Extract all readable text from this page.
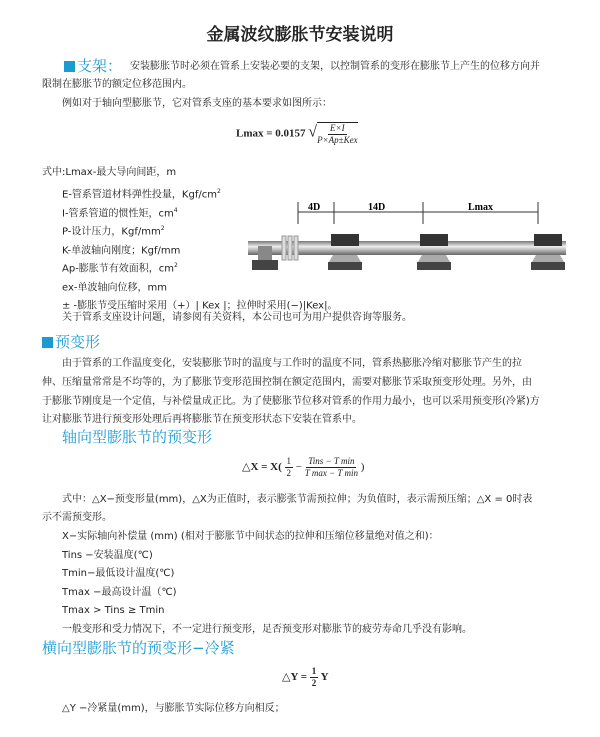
金属波纹膨胀节安装说明
支架： 安装膨胀节时必须在管系上安装必要的支架，以控制管系的变形在膨胀节上产生的位移方向并
限制在膨胀节的额定位移范围内。
例如对于轴向型膨胀节，它对管系支座的基本要求如图所示：
Lmax = 0.0157 √ $\frac{E\times I}{\text{P×Ap±Kex}}$
式中:Lmax-最大导向间距，m
E-管系管道材料弹性投量，Kgf/$cm^2$
I-管系管道的惯性矩，$cm^4$
P-设计压力，Kgf/$mm^2$
K-单波轴向刚度；Kgf/mm
Ap-膨胀节有效面积，$cm^2$
ex-单波轴向位移，mm
± -膨胀节受压缩时采用（+）| Kex |；拉伸时采用(−)|Kex|。
关于管系支座设计问题，请参阅有关资料，本公司也可为用户提供咨询等服务。
4D	14D	Lmax
预变形
由于管系的工作温度变化，安装膨胀节时的温度与工作时的温度不同，管系热膨胀冷缩对膨胀节产生的拉
伸、压缩量常常是不均等的，为了膨胀节变形范围控制在额定范围内，需要对膨胀节采取预变形处理。另外，由
于膨胀节刚度是一个定值，与补偿量成正比。为了使膨胀节位移对管系的作用力最小，也可以采用预变形(冷紧)方
让对膨胀节进行预变形处理后再将膨胀节在预变形状态下安装在管系中。
轴向型膨胀节的预变形
△X = $X( \frac{1}{2} - \frac{\text{Tins − T min}}{\text{T max − T min}}$ )
式中：△X−预变形量(mm)，△X为正值时，表示膨张节需预拉伸；为负值时，表示需预压缩；△X = 0时表
示不需预变形。
X−实际轴向补偿量 (mm) (相对于膨胀节中间状态的拉伸和压缩位移量绝对值之和)：
Tins −安装温度(℃)
Tmin−最低设计温度(℃)
Tmax −最高设计温（℃)
Tmax > Tins ≥ Tmin
一般变形和受力情况下，不一定进行预变形，足否预变形对膨胀节的疲劳寿命几乎没有影响。
横向型膨胀节的预变形−冷紧
△Y = $\frac{1}{2}$ Y
△Y −冷紧量(mm)，与膨胀节实际位移方向相反；
